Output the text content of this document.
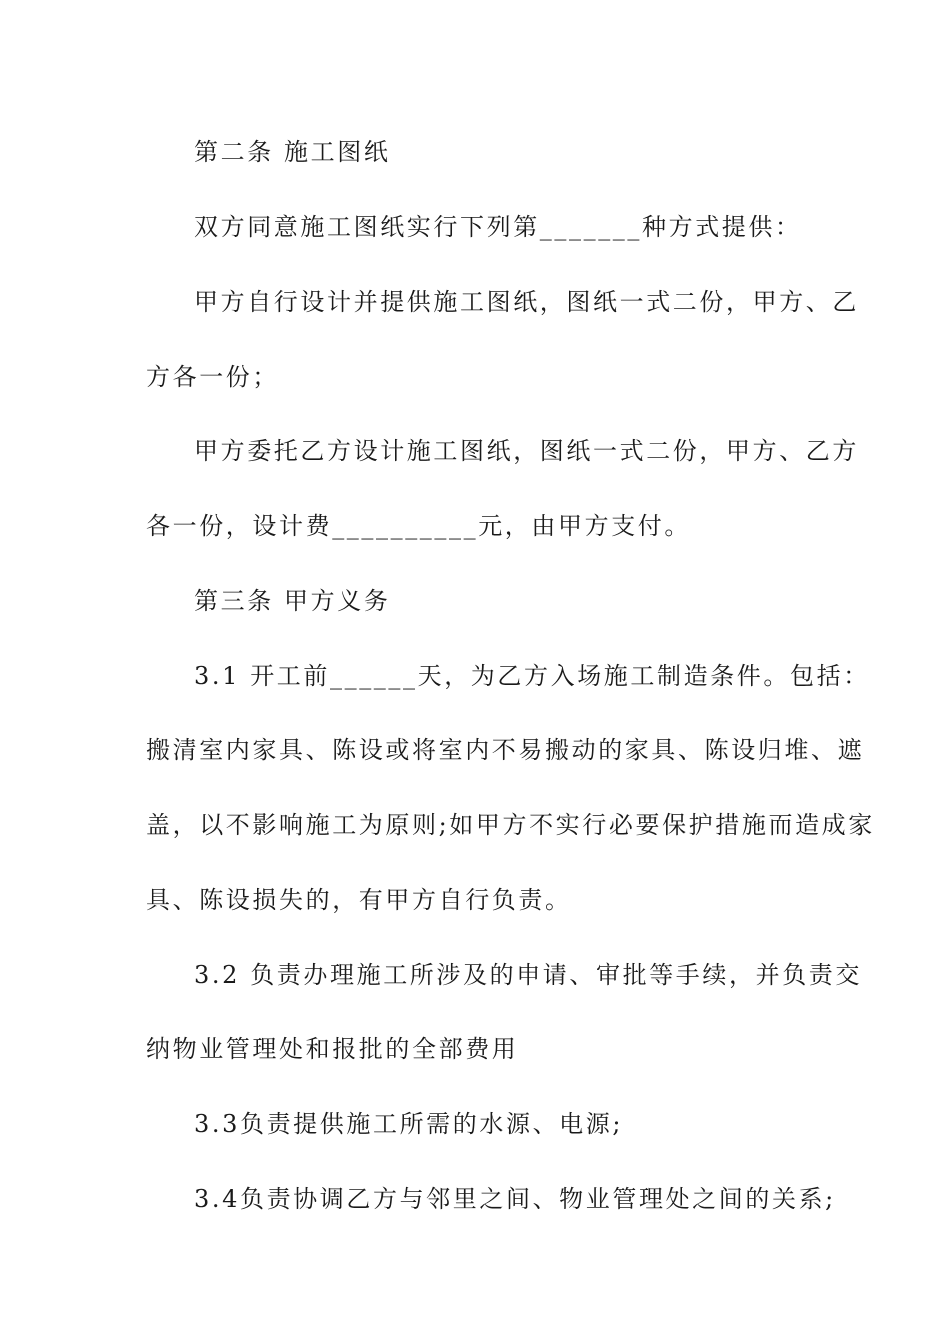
第二条 施工图纸
双方同意施工图纸实行下列第_______种方式提供：
甲方自行设计并提供施工图纸，图纸一式二份，甲方、乙
方各一份；
甲方委托乙方设计施工图纸，图纸一式二份，甲方、乙方
各一份，设计费__________元，由甲方支付。
第三条 甲方义务
3.1 开工前______天，为乙方入场施工制造条件。包括：
搬清室内家具、陈设或将室内不易搬动的家具、陈设归堆、遮
盖，以不影响施工为原则;如甲方不实行必要保护措施而造成家
具、陈设损失的，有甲方自行负责。
3.2 负责办理施工所涉及的申请、审批等手续，并负责交
纳物业管理处和报批的全部费用
3.3负责提供施工所需的水源、电源;
3.4负责协调乙方与邻里之间、物业管理处之间的关系;
